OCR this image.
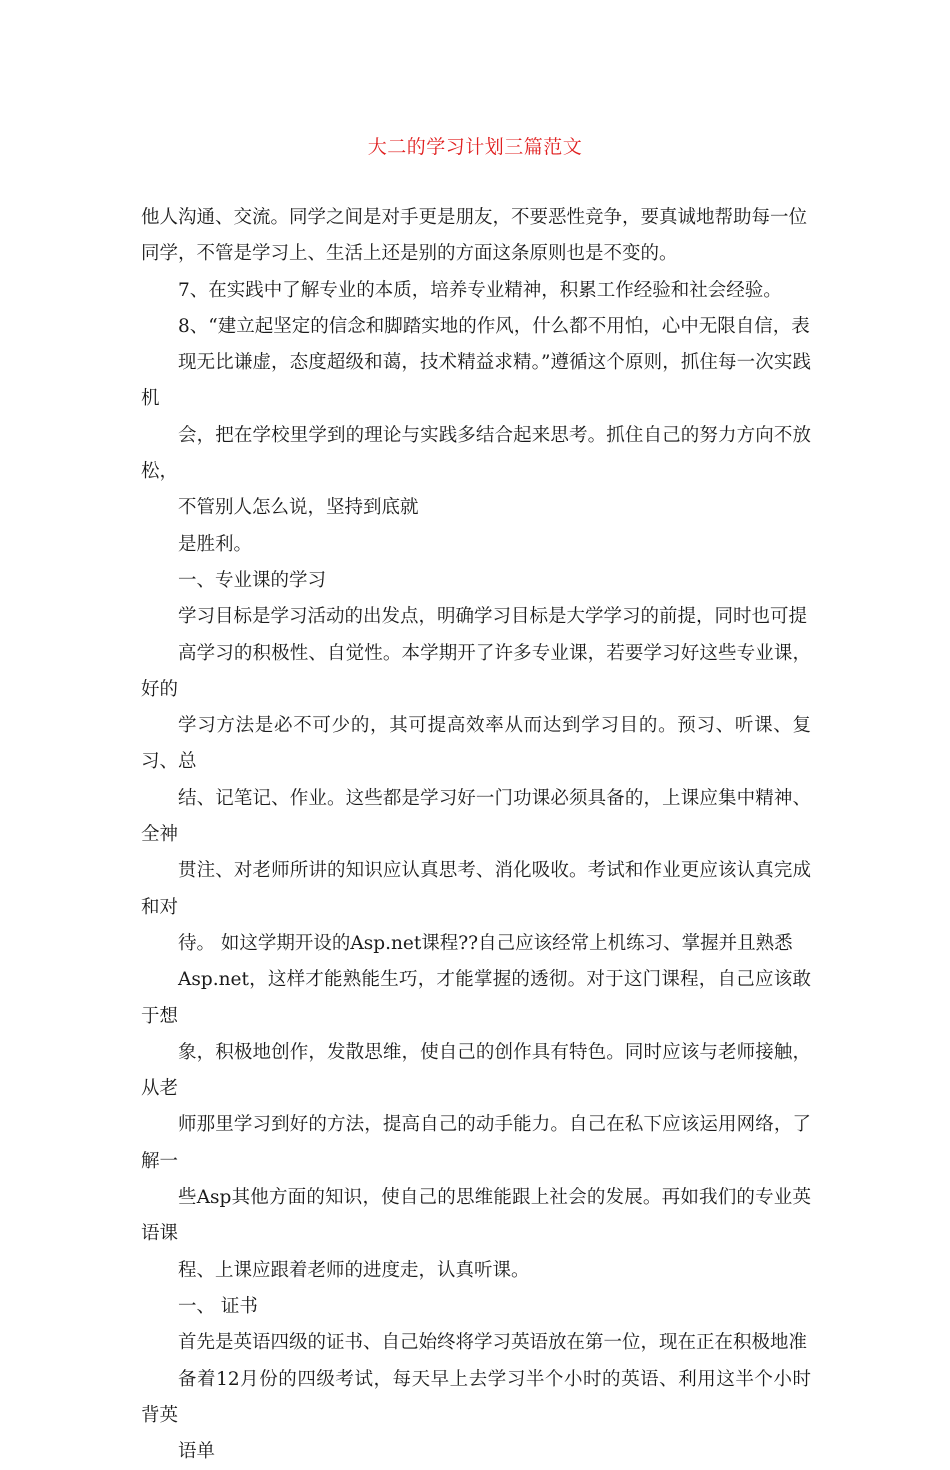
大二的学习计划三篇范文

他人沟通、交流。同学之间是对手更是朋友，不要恶性竞争，要真诚地帮助每一位
同学，不管是学习上、生活上还是别的方面这条原则也是不变的。

7、在实践中了解专业的本质，培养专业精神，积累工作经验和社会经验。

8、“建立起坚定的信念和脚踏实地的作风，什么都不用怕，心中无限自信，表
现无比谦虚，态度超级和蔼，技术精益求精。”遵循这个原则，抓住每一次实践机
会，把在学校里学到的理论与实践多结合起来思考。抓住自己的努力方向不放松，
不管别人怎么说，坚持到底就

是胜利。

一、专业课的学习

学习目标是学习活动的出发点，明确学习目标是大学学习的前提，同时也可提
高学习的积极性、自觉性。本学期开了许多专业课，若要学习好这些专业课，好的
学习方法是必不可少的，其可提高效率从而达到学习目的。预习、听课、复习、总
结、记笔记、作业。这些都是学习好一门功课必须具备的，上课应集中精神、全神
贯注、对老师所讲的知识应认真思考、消化吸收。考试和作业更应该认真完成和对
待。 如这学期开设的Asp.net课程??自己应该经常上机练习、掌握并且熟悉
Asp.net，这样才能熟能生巧，才能掌握的透彻。对于这门课程，自己应该敢于想
象，积极地创作，发散思维，使自己的创作具有特色。同时应该与老师接触，从老
师那里学习到好的方法，提高自己的动手能力。自己在私下应该运用网络，了解一
些Asp其他方面的知识，使自己的思维能跟上社会的发展。再如我们的专业英语课
程、上课应跟着老师的进度走，认真听课。

一、 证书

首先是英语四级的证书、自己始终将学习英语放在第一位，现在正在积极地准
备着12月份的四级考试，每天早上去学习半个小时的英语、利用这半个小时背英
语单
